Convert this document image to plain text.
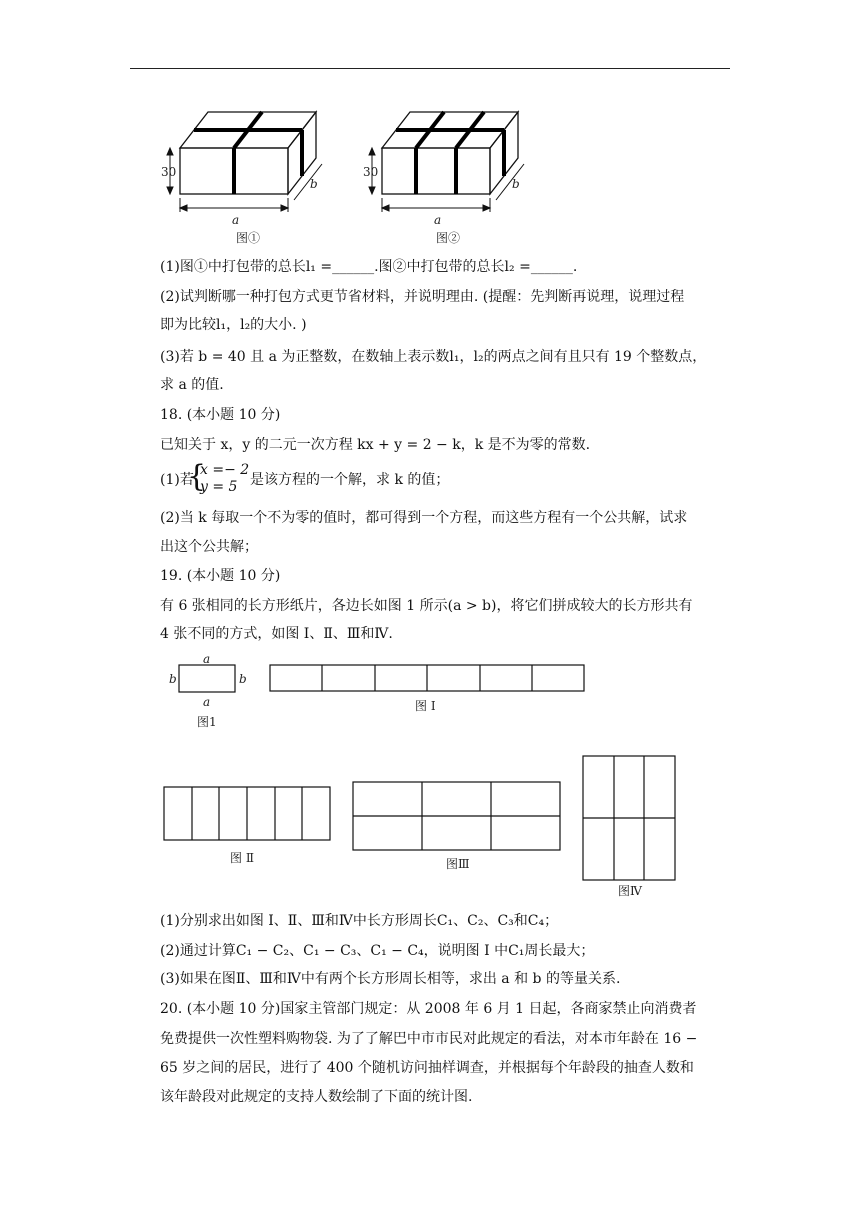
30
a
b
图①
30
a
b
图②
(1)图①中打包带的总长l₁ =______.图②中打包带的总长l₂ =______.
(2)试判断哪一种打包方式更节省材料，并说明理由. (提醒：先判断再说理，说理过程
即为比较l₁，l₂的大小. )
(3)若 b = 40 且 a 为正整数，在数轴上表示数l₁，l₂的两点之间有且只有 19 个整数点，
求 a 的值.
18. (本小题 10 分)
已知关于 x，y 的二元一次方程 kx + y = 2 − k，k 是不为零的常数.
(1)若
{
x =− 2
y = 5 是该方程的一个解，求 k 的值；
(2)当 k 每取一个不为零的值时，都可得到一个方程，而这些方程有一个公共解，试求
出这个公共解；
19. (本小题 10 分)
有 6 张相同的长方形纸片，各边长如图 1 所示(a > b)，将它们拼成较大的长方形共有
4 张不同的方式，如图 Ⅰ、Ⅱ、Ⅲ和Ⅳ.
a
a
b	b
图1
图 Ⅰ
图 Ⅱ	图Ⅲ
图Ⅳ
(1)分别求出如图 Ⅰ、Ⅱ、Ⅲ和Ⅳ中长方形周长C₁、C₂、C₃和C₄；
(2)通过计算C₁ − C₂、C₁ − C₃、C₁ − C₄，说明图 Ⅰ 中C₁周长最大；
(3)如果在图Ⅱ、Ⅲ和Ⅳ中有两个长方形周长相等，求出 a 和 b 的等量关系.
20. (本小题 10 分)国家主管部门规定：从 2008 年 6 月 1 日起，各商家禁止向消费者
免费提供一次性塑料购物袋. 为了了解巴中市市民对此规定的看法，对本市年龄在 16 −
65 岁之间的居民，进行了 400 个随机访问抽样调查，并根据每个年龄段的抽查人数和
该年龄段对此规定的支持人数绘制了下面的统计图.
